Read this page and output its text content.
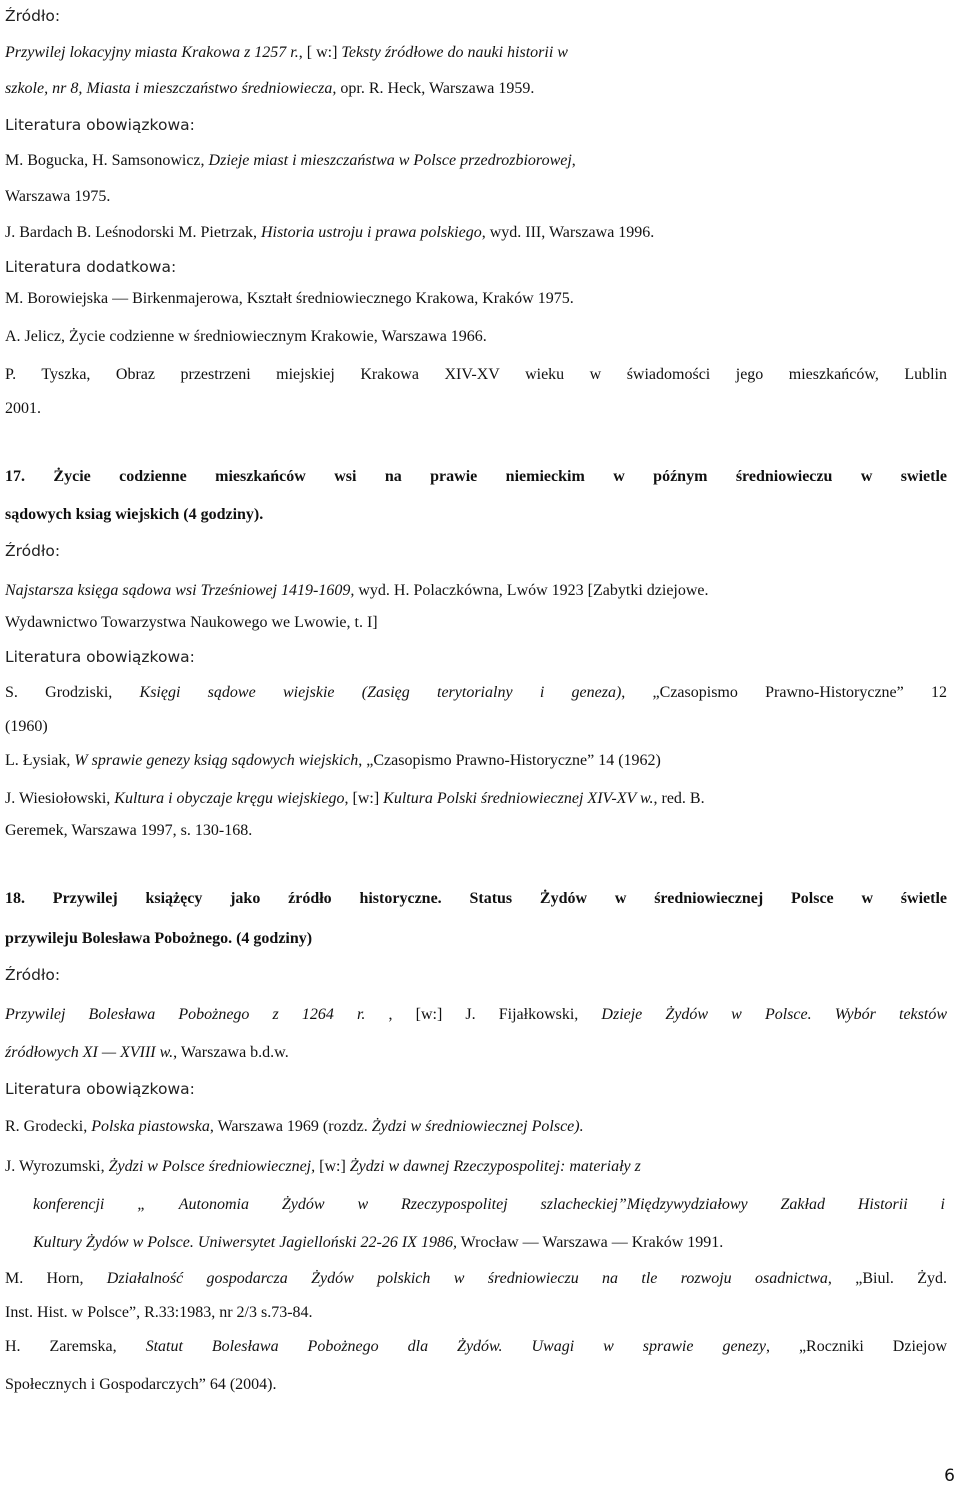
Źródło:
Przywilej lokacyjny miasta Krakowa z 1257 r., [ w:] Teksty źródłowe do nauki historii w
szkole, nr 8, Miasta i mieszczaństwo średniowiecza, opr. R. Heck, Warszawa 1959.
Literatura obowiązkowa:
M. Bogucka, H. Samsonowicz, Dzieje miast i mieszczaństwa w Polsce przedrozbiorowej,
Warszawa 1975.
J. Bardach B. Leśnodorski M. Pietrzak, Historia ustroju i prawa polskiego, wyd. III, Warszawa 1996.
Literatura dodatkowa:
M. Borowiejska — Birkenmajerowa, Kształt średniowiecznego Krakowa, Kraków 1975.
A. Jelicz, Życie codzienne w średniowiecznym Krakowie, Warszawa 1966.
P. Tyszka, Obraz przestrzeni miejskiej Krakowa XIV-XV wieku w świadomości jego mieszkańców, Lublin
2001.
17. Życie codzienne mieszkańców wsi na prawie niemieckim w późnym średniowieczu w swietle
sądowych ksiag wiejskich (4 godziny).
Źródło:
Najstarsza księga sądowa wsi Trześniowej 1419-1609, wyd. H. Polaczkówna, Lwów 1923 [Zabytki dziejowe.
Wydawnictwo Towarzystwa Naukowego we Lwowie, t. I]
Literatura obowiązkowa:
S. Grodziski, Księgi sądowe wiejskie (Zasięg terytorialny i geneza), „Czasopismo Prawno-Historyczne” 12
(1960)
L. Łysiak, W sprawie genezy ksiąg sądowych wiejskich, „Czasopismo Prawno-Historyczne” 14 (1962)
J. Wiesiołowski, Kultura i obyczaje kręgu wiejskiego, [w:] Kultura Polski średniowiecznej XIV-XV w., red. B.
Geremek, Warszawa 1997, s. 130-168.
18. Przywilej książęcy jako źródło historyczne. Status Żydów w średniowiecznej Polsce w świetle
przywileju Bolesława Pobożnego. (4 godziny)
Źródło:
Przywilej Bolesława Pobożnego z 1264 r. , [w:] J. Fijałkowski, Dzieje Żydów w Polsce. Wybór tekstów
źródłowych XI — XVIII w., Warszawa b.d.w.
Literatura obowiązkowa:
R. Grodecki, Polska piastowska, Warszawa 1969 (rozdz. Żydzi w średniowiecznej Polsce).
J. Wyrozumski, Żydzi w Polsce średniowiecznej, [w:] Żydzi w dawnej Rzeczypospolitej: materiały z
konferencji „ Autonomia Żydów w Rzeczypospolitej szlacheckiej”Międzywydziałowy Zakład Historii i
Kultury Żydów w Polsce. Uniwersytet Jagielloński 22-26 IX 1986, Wrocław — Warszawa — Kraków 1991.
M. Horn, Działalność gospodarcza Żydów polskich w średniowieczu na tle rozwoju osadnictwa, „Biul. Żyd.
Inst. Hist. w Polsce”, R.33:1983, nr 2/3 s.73-84.
H. Zaremska, Statut Bolesława Pobożnego dla Żydów. Uwagi w sprawie genezy, „Roczniki Dziejow
Społecznych i Gospodarczych” 64 (2004).
6
